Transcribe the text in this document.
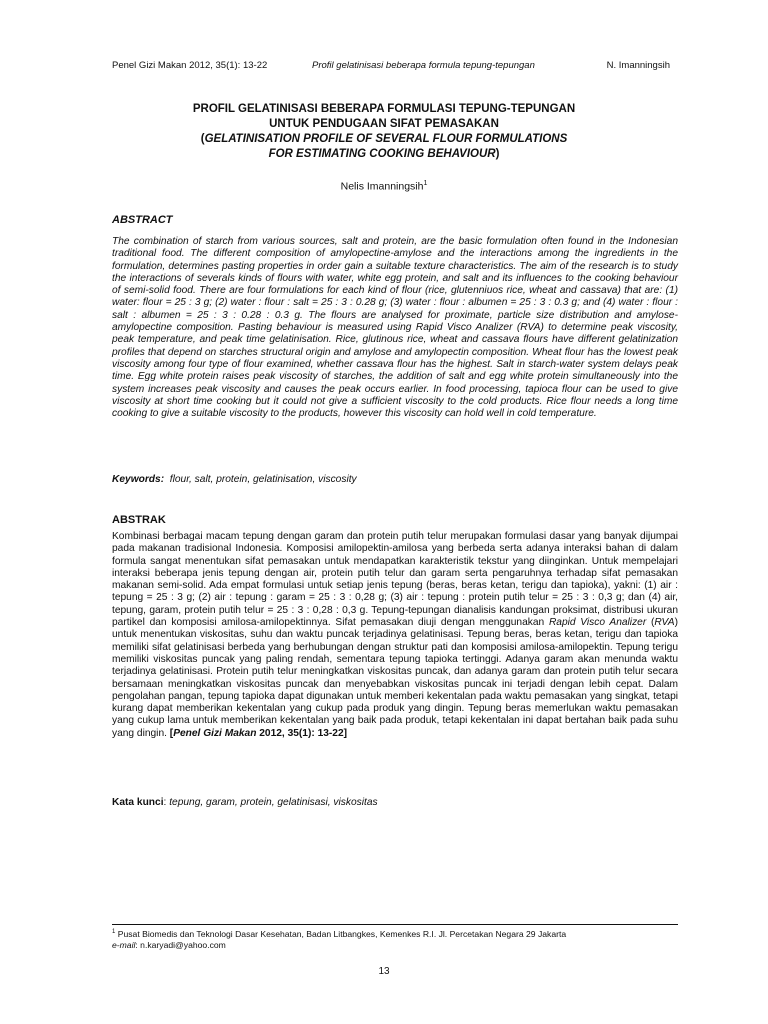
Penel Gizi Makan 2012, 35(1): 13-22	Profil gelatinisasi beberapa formula tepung-tepungan	N. Imanningsih
PROFIL GELATINISASI BEBERAPA FORMULASI TEPUNG-TEPUNGAN
UNTUK PENDUGAAN SIFAT PEMASAKAN
(GELATINISATION PROFILE OF SEVERAL FLOUR FORMULATIONS
FOR ESTIMATING COOKING BEHAVIOUR)
Nelis Imanningsih$^1$
ABSTRACT
The combination of starch from various sources, salt and protein, are the basic formulation often found in the Indonesian traditional food. The different composition of amylopectine-amylose and the interactions among the ingredients in the formulation, determines pasting properties in order gain a suitable texture characteristics. The aim of the research is to study the interactions of severals kinds of flours with water, white egg protein, and salt and its influences to the cooking behaviour of semi-solid food. There are four formulations for each kind of flour (rice, glutenniuos rice, wheat and cassava) that are: (1) water: flour = 25 : 3 g; (2) water : flour : salt = 25 : 3 : 0.28 g; (3) water : flour : albumen = 25 : 3 : 0.3 g; and (4) water : flour : salt : albumen = 25 : 3 : 0.28 : 0.3 g. The flours are analysed for proximate, particle size distribution and amylose-amylopectine composition. Pasting behaviour is measured using Rapid Visco Analizer (RVA) to determine peak viscosity, peak temperature, and peak time gelatinisation. Rice, glutinous rice, wheat and cassava flours have different gelatinization profiles that depend on starches structural origin and amylose and amylopectin composition. Wheat flour has the lowest peak viscosity among four type of flour examined, whether cassava flour has the highest. Salt in starch-water system delays peak time. Egg white protein raises peak viscosity of starches, the addition of salt and egg white protein simultaneously into the system increases peak viscosity and causes the peak occurs earlier. In food processing, tapioca flour can be used to give viscosity at short time cooking but it could not give a sufficient viscosity to the cold products. Rice flour needs a long time cooking to give a suitable viscosity to the products, however this viscosity can hold well in cold temperature.
Keywords: flour, salt, protein, gelatinisation, viscosity
ABSTRAK
Kombinasi berbagai macam tepung dengan garam dan protein putih telur merupakan formulasi dasar yang banyak dijumpai pada makanan tradisional Indonesia. Komposisi amilopektin-amilosa yang berbeda serta adanya interaksi bahan di dalam formula sangat menentukan sifat pemasakan untuk mendapatkan karakteristik tekstur yang diinginkan. Untuk mempelajari interaksi beberapa jenis tepung dengan air, protein putih telur dan garam serta pengaruhnya terhadap sifat pemasakan makanan semi-solid. Ada empat formulasi untuk setiap jenis tepung (beras, beras ketan, terigu dan tapioka), yakni: (1) air : tepung = 25 : 3 g; (2) air : tepung : garam = 25 : 3 : 0,28 g; (3) air : tepung : protein putih telur = 25 : 3 : 0,3 g; dan (4) air, tepung, garam, protein putih telur = 25 : 3 : 0,28 : 0,3 g. Tepung-tepungan dianalisis kandungan proksimat, distribusi ukuran partikel dan komposisi amilosa-amilopektinnya. Sifat pemasakan diuji dengan menggunakan Rapid Visco Analizer (RVA) untuk menentukan viskositas, suhu dan waktu puncak terjadinya gelatinisasi. Tepung beras, beras ketan, terigu dan tapioka memiliki sifat gelatinisasi berbeda yang berhubungan dengan struktur pati dan komposisi amilosa-amilopektin. Tepung terigu memiliki viskositas puncak yang paling rendah, sementara tepung tapioka tertinggi. Adanya garam akan menunda waktu terjadinya gelatinisasi. Protein putih telur meningkatkan viskositas puncak, dan adanya garam dan protein putih telur secara bersamaan meningkatkan viskositas puncak dan menyebabkan viskositas puncak ini terjadi dengan lebih cepat. Dalam pengolahan pangan, tepung tapioka dapat digunakan untuk memberi kekentalan pada waktu pemasakan yang singkat, tetapi kurang dapat memberikan kekentalan yang cukup pada produk yang dingin. Tepung beras memerlukan waktu pemasakan yang cukup lama untuk memberikan kekentalan yang baik pada produk, tetapi kekentalan ini dapat bertahan baik pada suhu yang dingin. [Penel Gizi Makan 2012, 35(1): 13-22]
Kata kunci: tepung, garam, protein, gelatinisasi, viskositas
$^1$ Pusat Biomedis dan Teknologi Dasar Kesehatan, Badan Litbangkes, Kemenkes R.I. Jl. Percetakan Negara 29 Jakarta
e-mail: n.karyadi@yahoo.com
13
